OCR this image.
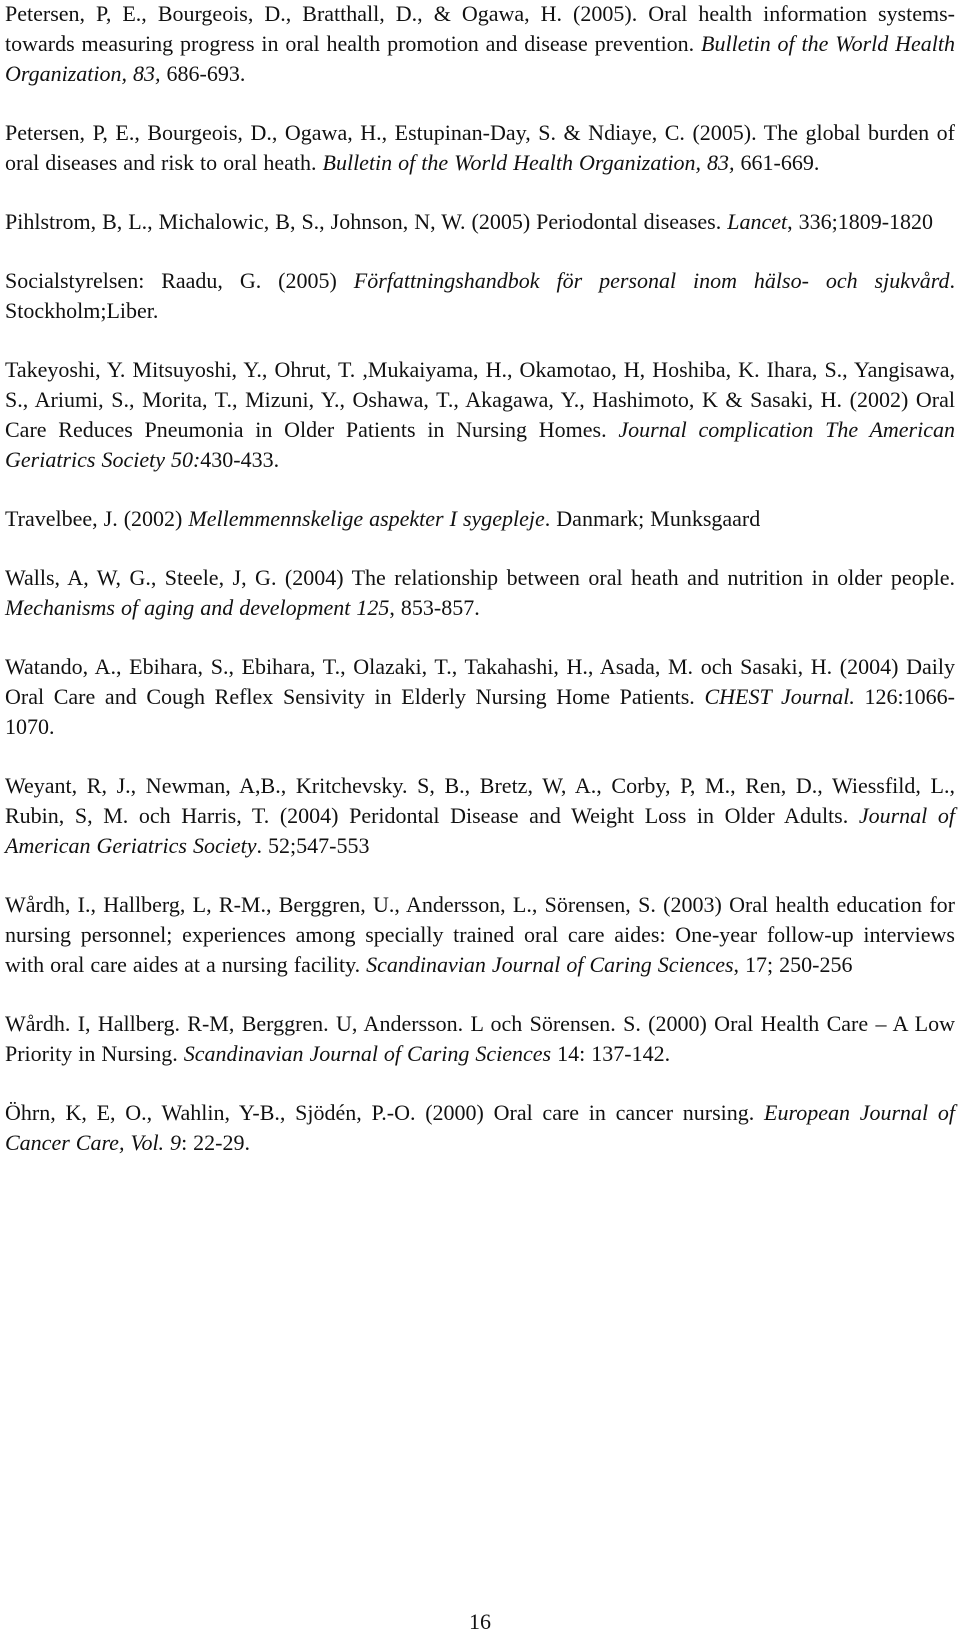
Petersen, P, E., Bourgeois, D., Bratthall, D., & Ogawa, H. (2005). Oral health information systems- towards measuring progress in oral health promotion and disease prevention. Bulletin of the World Health Organization, 83, 686-693.

Petersen, P, E., Bourgeois, D., Ogawa, H., Estupinan-Day, S. & Ndiaye, C. (2005). The global burden of oral diseases and risk to oral heath. Bulletin of the World Health Organization, 83, 661-669.

Pihlstrom, B, L., Michalowic, B, S., Johnson, N, W. (2005) Periodontal diseases. Lancet, 336;1809-1820

Socialstyrelsen: Raadu, G. (2005) Författningshandbok för personal inom hälso- och sjukvård. Stockholm;Liber.

Takeyoshi, Y. Mitsuyoshi, Y., Ohrut, T. ,Mukaiyama, H., Okamotao, H, Hoshiba, K. Ihara, S., Yangisawa, S., Ariumi, S., Morita, T., Mizuni, Y., Oshawa, T., Akagawa, Y., Hashimoto, K & Sasaki, H. (2002) Oral Care Reduces Pneumonia in Older Patients in Nursing Homes. Journal complication The American Geriatrics Society 50:430-433.

Travelbee, J. (2002) Mellemmennskelige aspekter I sygepleje. Danmark; Munksgaard

Walls, A, W, G., Steele, J, G. (2004) The relationship between oral heath and nutrition in older people. Mechanisms of aging and development 125, 853-857.

Watando, A., Ebihara, S., Ebihara, T., Olazaki, T., Takahashi, H., Asada, M. och Sasaki, H. (2004) Daily Oral Care and Cough Reflex Sensivity in Elderly Nursing Home Patients. CHEST Journal. 126:1066-1070.

Weyant, R, J., Newman, A,B., Kritchevsky. S, B., Bretz, W, A., Corby, P, M., Ren, D., Wiessfild, L., Rubin, S, M. och Harris, T. (2004) Peridontal Disease and Weight Loss in Older Adults. Journal of American Geriatrics Society. 52;547-553

Wårdh, I., Hallberg, L, R-M., Berggren, U., Andersson, L., Sörensen, S. (2003) Oral health education for nursing personnel; experiences among specially trained oral care aides: One-year follow-up interviews with oral care aides at a nursing facility. Scandinavian Journal of Caring Sciences, 17; 250-256

Wårdh. I, Hallberg. R-M, Berggren. U, Andersson. L och Sörensen. S. (2000) Oral Health Care – A Low Priority in Nursing. Scandinavian Journal of Caring Sciences 14: 137-142.

Öhrn, K, E, O., Wahlin, Y-B., Sjödén, P.-O. (2000) Oral care in cancer nursing. European Journal of Cancer Care, Vol. 9: 22-29.

16
